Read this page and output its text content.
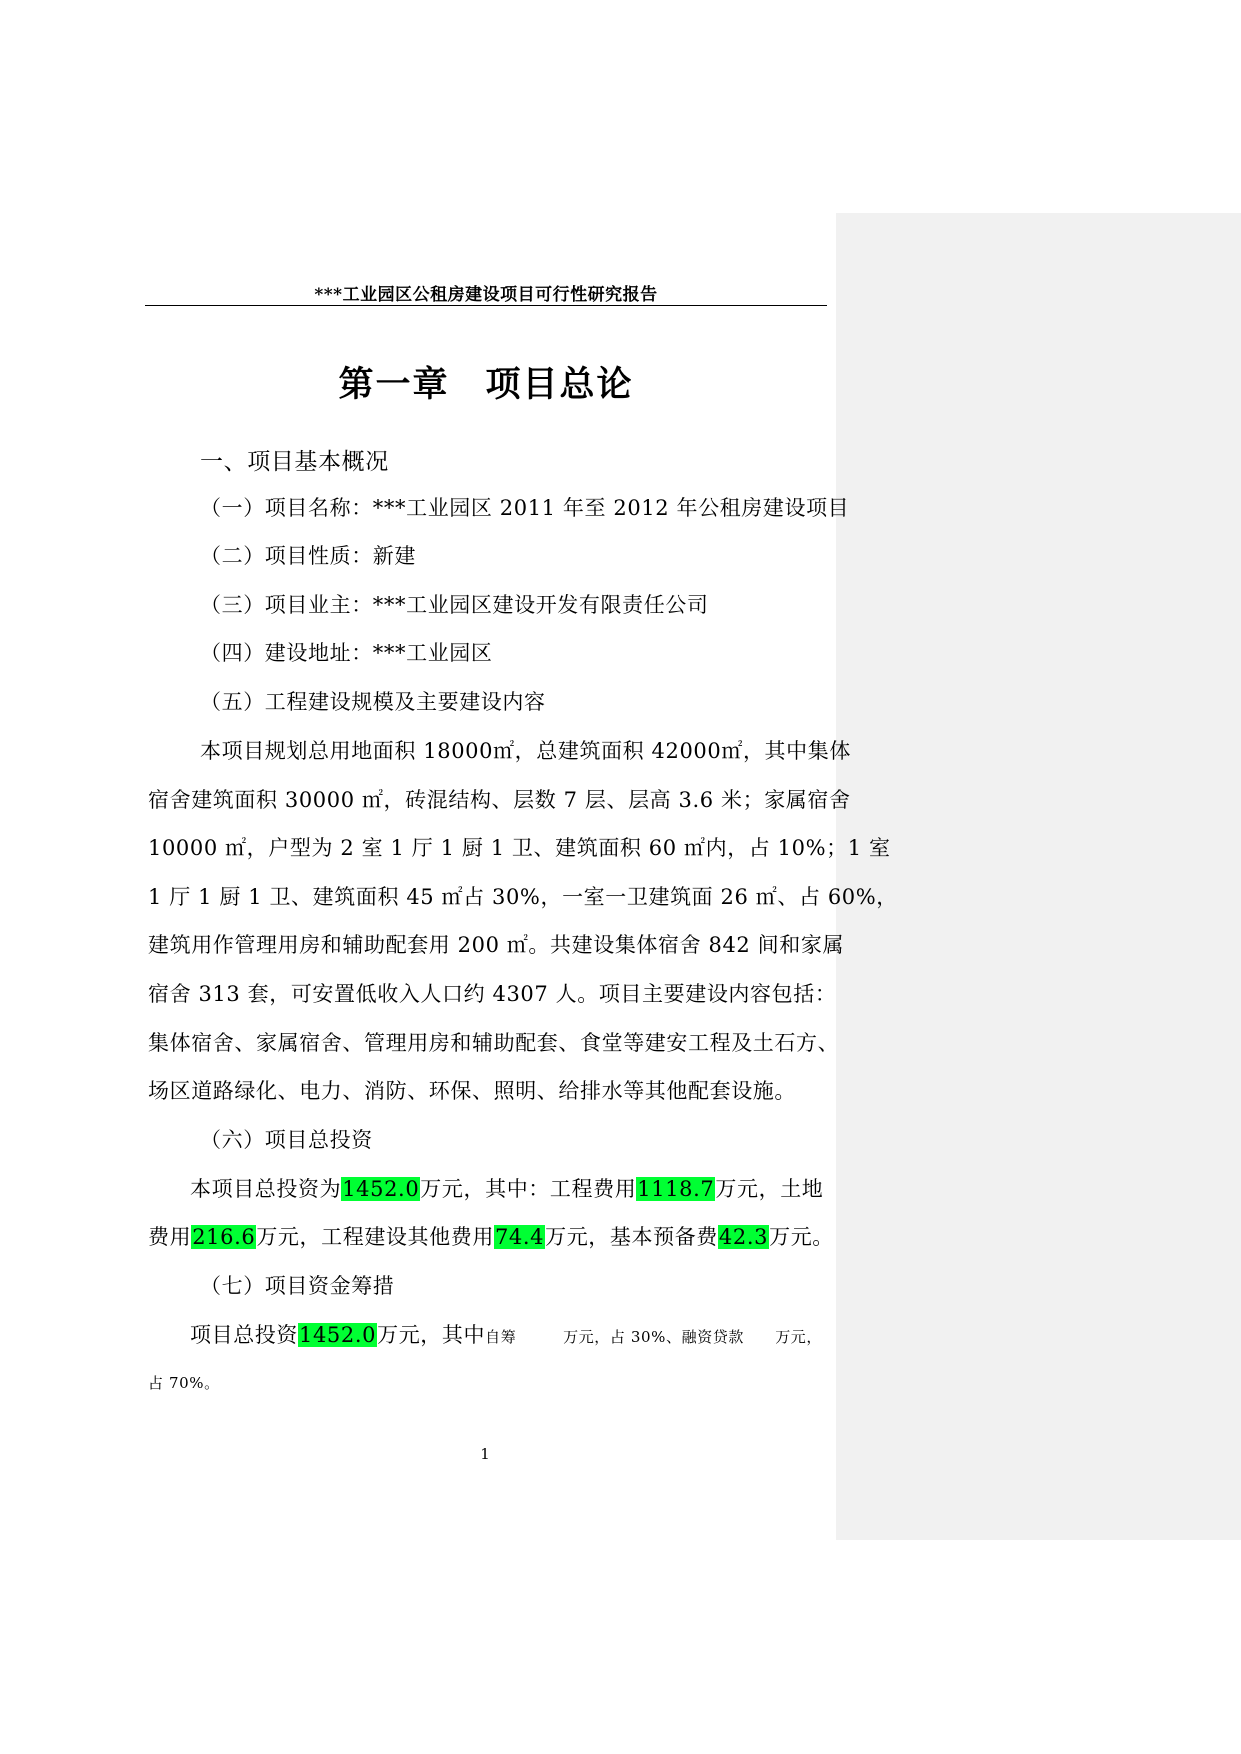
***工业园区公租房建设项目可行性研究报告
第一章 项目总论
一、项目基本概况
（一）项目名称：***工业园区 2011 年至 2012 年公租房建设项目
（二）项目性质：新建
（三）项目业主：***工业园区建设开发有限责任公司
（四）建设地址：***工业园区
（五）工程建设规模及主要建设内容
本项目规划总用地面积 18000㎡，总建筑面积 42000㎡，其中集体
宿舍建筑面积 30000 ㎡，砖混结构、层数 7 层、层高 3.6 米；家属宿舍
10000 ㎡，户型为 2 室 1 厅 1 厨 1 卫、建筑面积 60 ㎡内，占 10%；1 室
1 厅 1 厨 1 卫、建筑面积 45 ㎡占 30%，一室一卫建筑面 26 ㎡、占 60%，
建筑用作管理用房和辅助配套用 200 ㎡。共建设集体宿舍 842 间和家属
宿舍 313 套，可安置低收入人口约 4307 人。项目主要建设内容包括：
集体宿舍、家属宿舍、管理用房和辅助配套、食堂等建安工程及土石方、
场区道路绿化、电力、消防、环保、照明、给排水等其他配套设施。
（六）项目总投资
本项目总投资为1452.0万元，其中：工程费用1118.7万元，土地
费用216.6万元，工程建设其他费用74.4万元，基本预备费42.3万元。
（七）项目资金筹措
项目总投资1452.0万元，其中自筹　　　万元，占 30%、融资贷款　　万元，
占 70%。
1
